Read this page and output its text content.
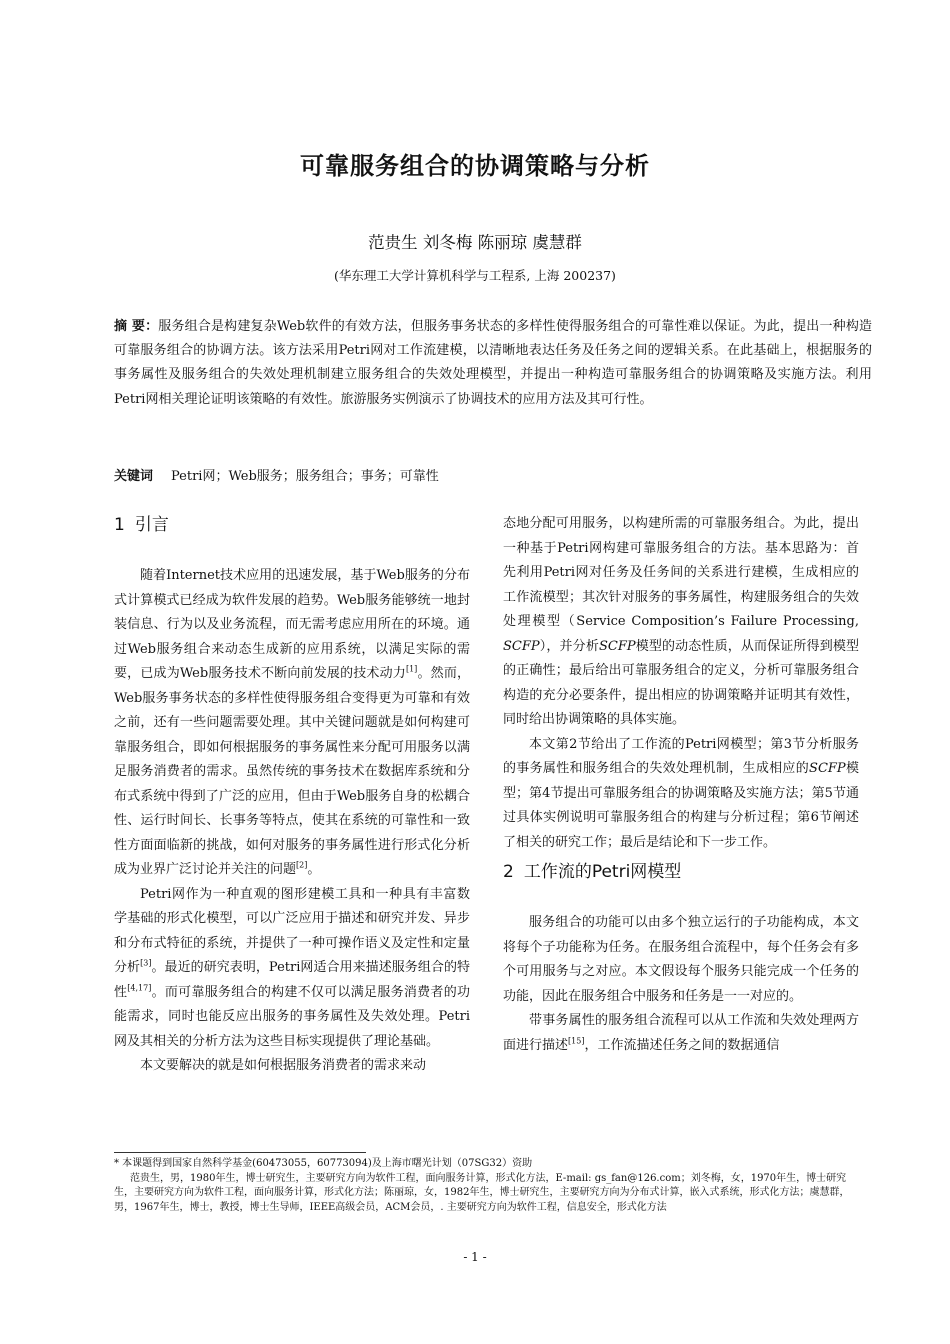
可靠服务组合的协调策略与分析
范贵生 刘冬梅 陈丽琼 虞慧群
(华东理工大学计算机科学与工程系, 上海 200237)
摘 要：服务组合是构建复杂Web软件的有效方法，但服务事务状态的多样性使得服务组合的可靠性难以保证。为此，提出一种构造可靠服务组合的协调方法。该方法采用Petri网对工作流建模，以清晰地表达任务及任务之间的逻辑关系。在此基础上，根据服务的事务属性及服务组合的失效处理机制建立服务组合的失效处理模型，并提出一种构造可靠服务组合的协调策略及实施方法。利用Petri网相关理论证明该策略的有效性。旅游服务实例演示了协调技术的应用方法及其可行性。
关键词 Petri网；Web服务；服务组合；事务；可靠性
1 引言

随着Internet技术应用的迅速发展，基于Web服务的分布式计算模式已经成为软件发展的趋势。Web服务能够统一地封装信息、行为以及业务流程，而无需考虑应用所在的环境。通过Web服务组合来动态生成新的应用系统，以满足实际的需要，已成为Web服务技术不断向前发展的技术动力[1]。然而，Web服务事务状态的多样性使得服务组合变得更为可靠和有效之前，还有一些问题需要处理。其中关键问题就是如何构建可靠服务组合，即如何根据服务的事务属性来分配可用服务以满足服务消费者的需求。虽然传统的事务技术在数据库系统和分布式系统中得到了广泛的应用，但由于Web服务自身的松耦合性、运行时间长、长事务等特点，使其在系统的可靠性和一致性方面面临新的挑战，如何对服务的事务属性进行形式化分析成为业界广泛讨论并关注的问题[2]。

Petri网作为一种直观的图形建模工具和一种具有丰富数学基础的形式化模型，可以广泛应用于描述和研究并发、异步和分布式特征的系统，并提供了一种可操作语义及定性和定量分析[3]。最近的研究表明，Petri网适合用来描述服务组合的特性[4,17]。而可靠服务组合的构建不仅可以满足服务消费者的功能需求，同时也能反应出服务的事务属性及失效处理。Petri网及其相关的分析方法为这些目标实现提供了理论基础。

本文要解决的就是如何根据服务消费者的需求来动

态地分配可用服务，以构建所需的可靠服务组合。为此，提出一种基于Petri网构建可靠服务组合的方法。基本思路为：首先利用Petri网对任务及任务间的关系进行建模，生成相应的工作流模型；其次针对服务的事务属性，构建服务组合的失效处理模型（Service Composition’s Failure Processing, SCFP），并分析SCFP模型的动态性质，从而保证所得到模型的正确性；最后给出可靠服务组合的定义，分析可靠服务组合构造的充分必要条件，提出相应的协调策略并证明其有效性，同时给出协调策略的具体实施。

本文第2节给出了工作流的Petri网模型；第3节分析服务的事务属性和服务组合的失效处理机制，生成相应的SCFP模型；第4节提出可靠服务组合的协调策略及实施方法；第5节通过具体实例说明可靠服务组合的构建与分析过程；第6节阐述了相关的研究工作；最后是结论和下一步工作。

2 工作流的Petri网模型

服务组合的功能可以由多个独立运行的子功能构成，本文将每个子功能称为任务。在服务组合流程中，每个任务会有多个可用服务与之对应。本文假设每个服务只能完成一个任务的功能，因此在服务组合中服务和任务是一一对应的。

带事务属性的服务组合流程可以从工作流和失效处理两方面进行描述[15]，工作流描述任务之间的数据通信

* 本课题得到国家自然科学基金(60473055，60773094)及上海市曙光计划（07SG32）资助

范贵生，男，1980年生，博士研究生，主要研究方向为软件工程，面向服务计算，形式化方法，E-mail: gs_fan@126.com；刘冬梅，女，1970年生，博士研究生，主要研究方向为软件工程，面向服务计算，形式化方法；陈丽琼，女，1982年生，博士研究生，主要研究方向为分布式计算，嵌入式系统，形式化方法；虞慧群，男，1967年生，博士，教授，博士生导师，IEEE高级会员，ACM会员，. 主要研究方向为软件工程，信息安全，形式化方法

- 1 -
